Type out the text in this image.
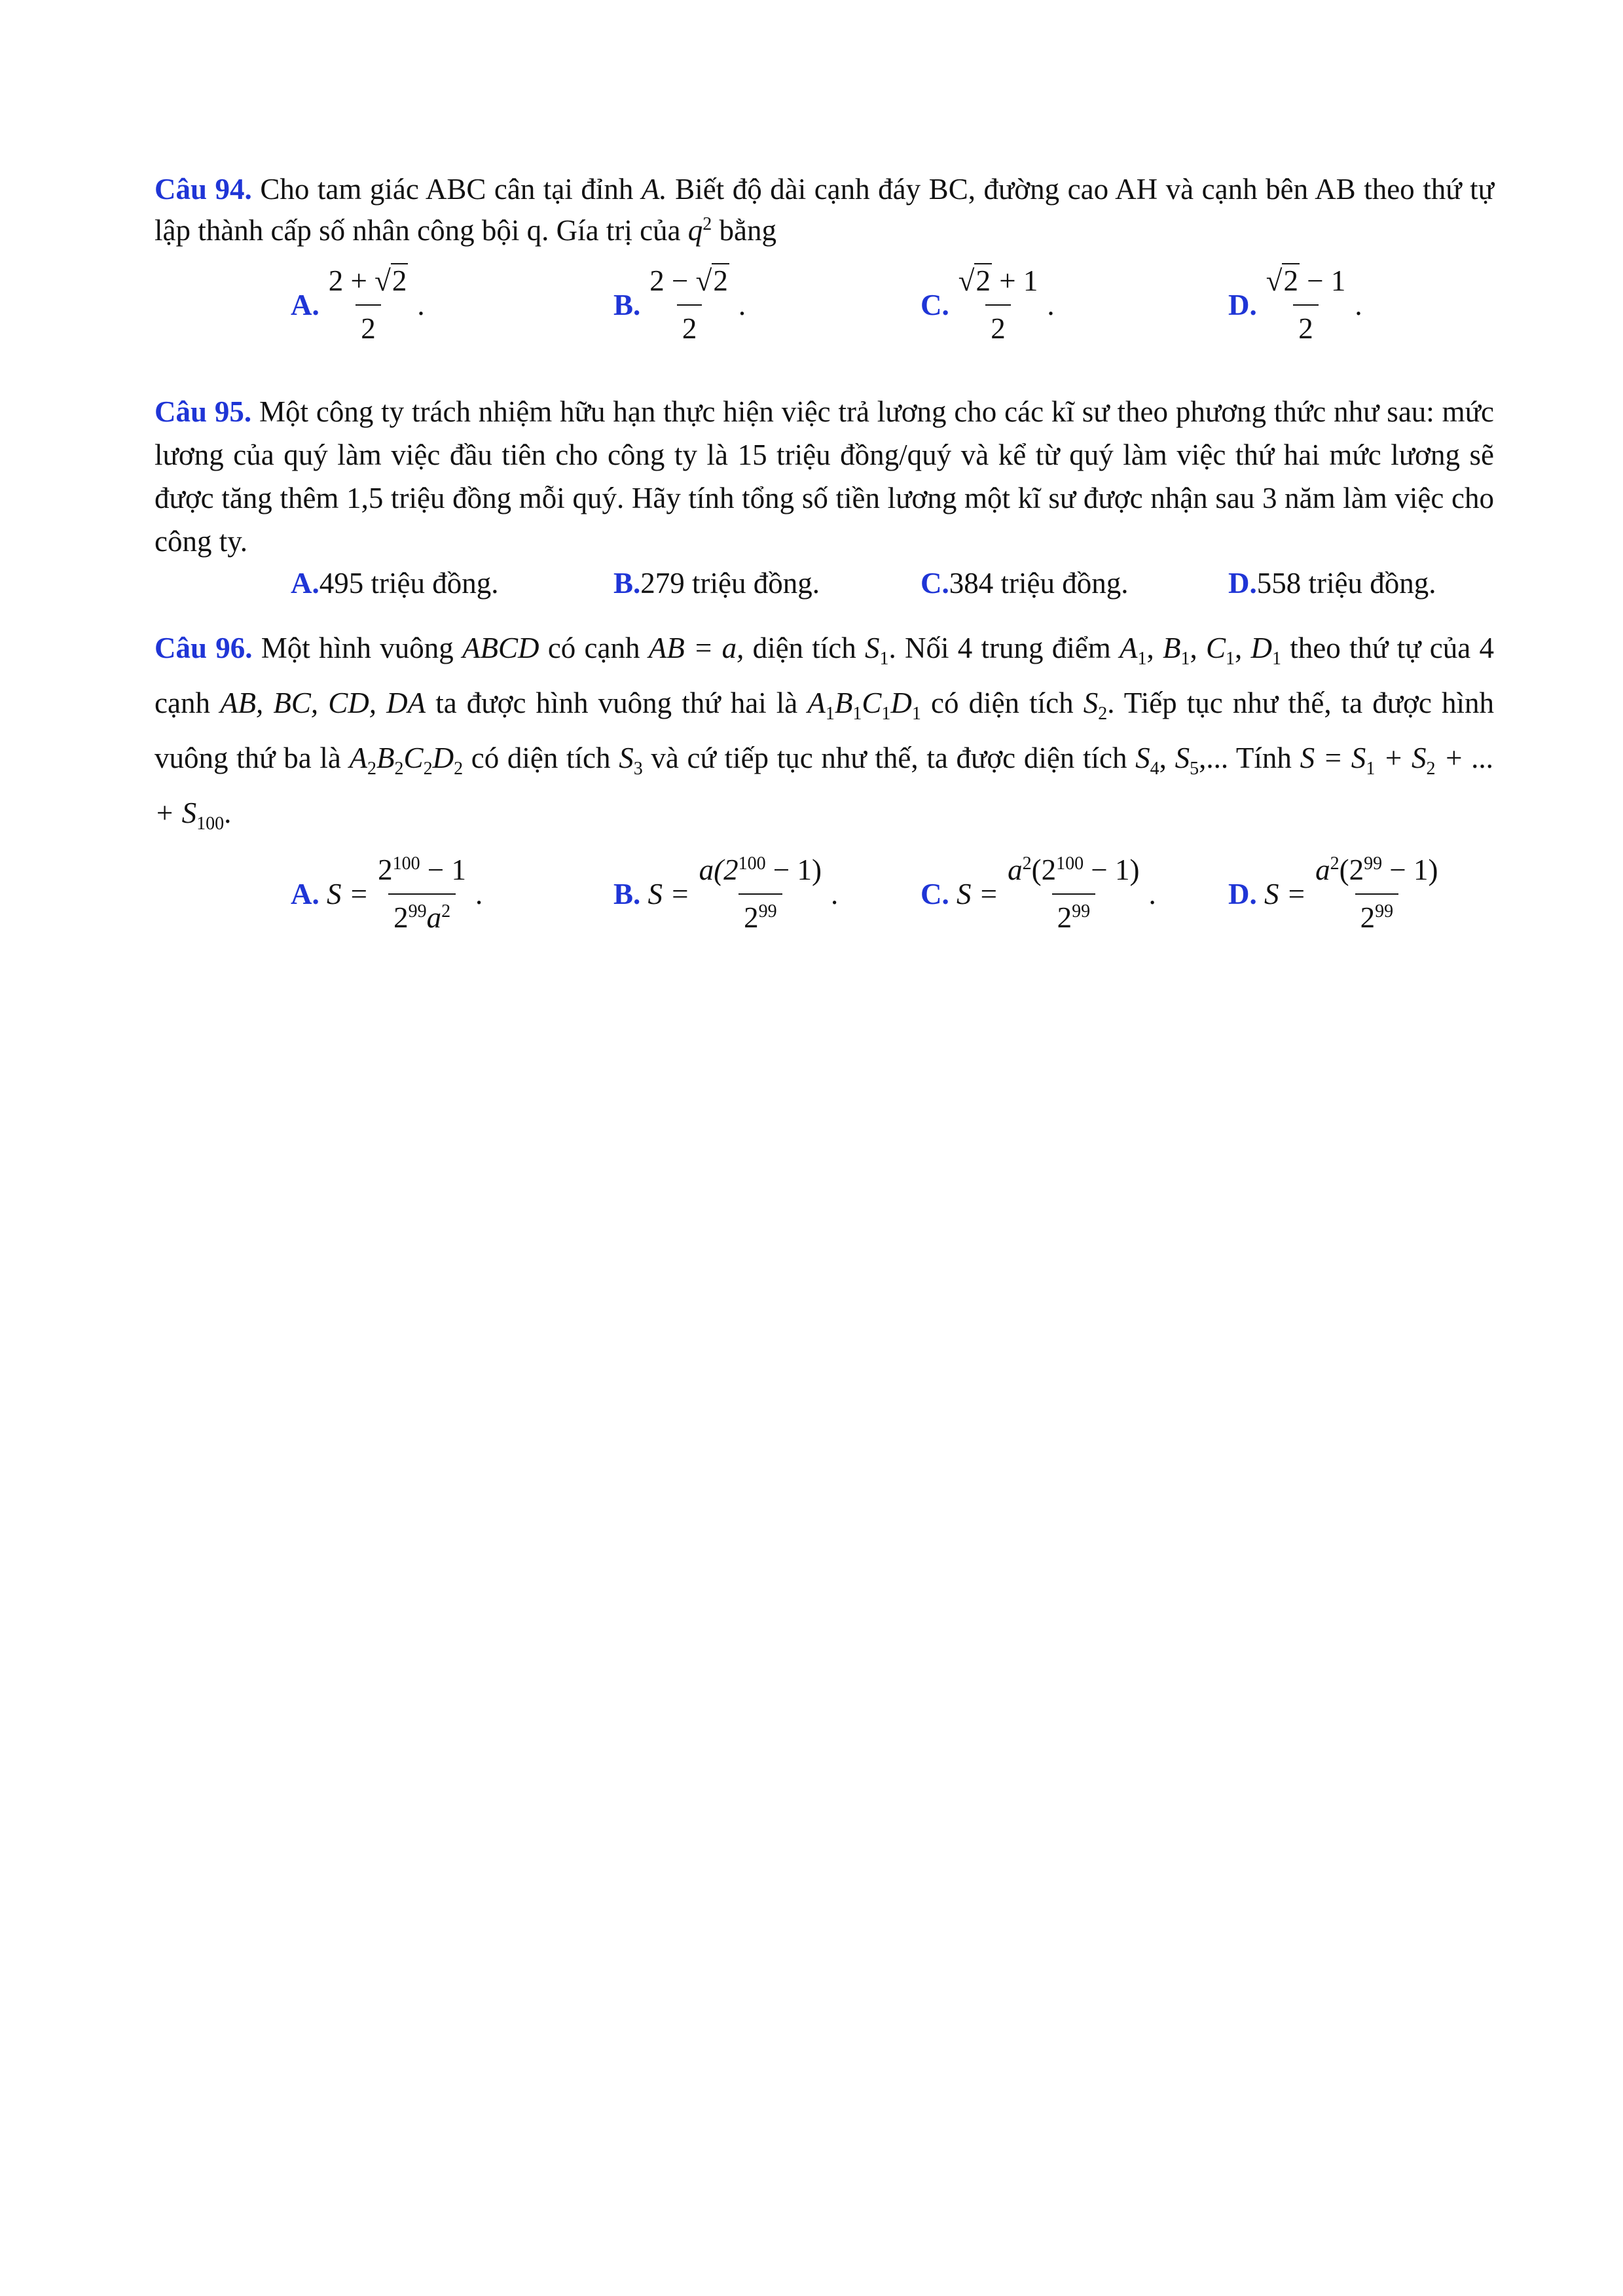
Câu 94. Cho tam giác ABC cân tại đỉnh A. Biết độ dài cạnh đáy BC, đường cao AH và cạnh bên AB theo thứ tự lập thành cấp số nhân công bội q. Gía trị của $q^2$ bằng

A. $\frac{2 + √ 2}{2}$ .	B. $\frac{2 - √ 2}{2}$ .	C. √ $\frac{2 + 1}{2}$ .	D. √ $\frac{2 - 1}{2}$ .

Câu 95. Một công ty trách nhiệm hữu hạn thực hiện việc trả lương cho các kĩ sư theo phương thức như sau: mức lương của quý làm việc đầu tiên cho công ty là 15 triệu đồng/quý và kể từ quý làm việc thứ hai mức lương sẽ được tăng thêm 1,5 triệu đồng mỗi quý. Hãy tính tổng số tiền lương một kĩ sư được nhận sau 3 năm làm việc cho công ty.

A. 495 triệu đồng.	B. 279 triệu đồng.	C. 384 triệu đồng.	D. 558 triệu đồng.

Câu 96. Một hình vuông ABCD có cạnh AB = a, diện tích $S_1$. Nối 4 trung điểm $A_1$, $B_1$, $C_1$, $D_1$ theo thứ tự của 4 cạnh AB, BC, CD, DA ta được hình vuông thứ hai là $A_1B_1C_1D_1$ có diện tích $S_2$. Tiếp tục như thế, ta được hình vuông thứ ba là $A_2B_2C_2D_2$ có diện tích $S_3$ và cứ tiếp tục như thế, ta được diện tích $S_4$, $S_5$,... Tính $S = S_1 + S_2$ + ... + $S_{100}$.

A.
$S = \frac{2^{100} - 1}{2^{99}a^2}$ .	B.
$S = \frac{a(2^{100} - 1)}{2^{99}}$ .	C.
$S = \frac{a^2(2^{100} - 1)}{2^{99}}$ . D.
$S = \frac{a^2(2^{99} - 1)}{2^{99}}$
